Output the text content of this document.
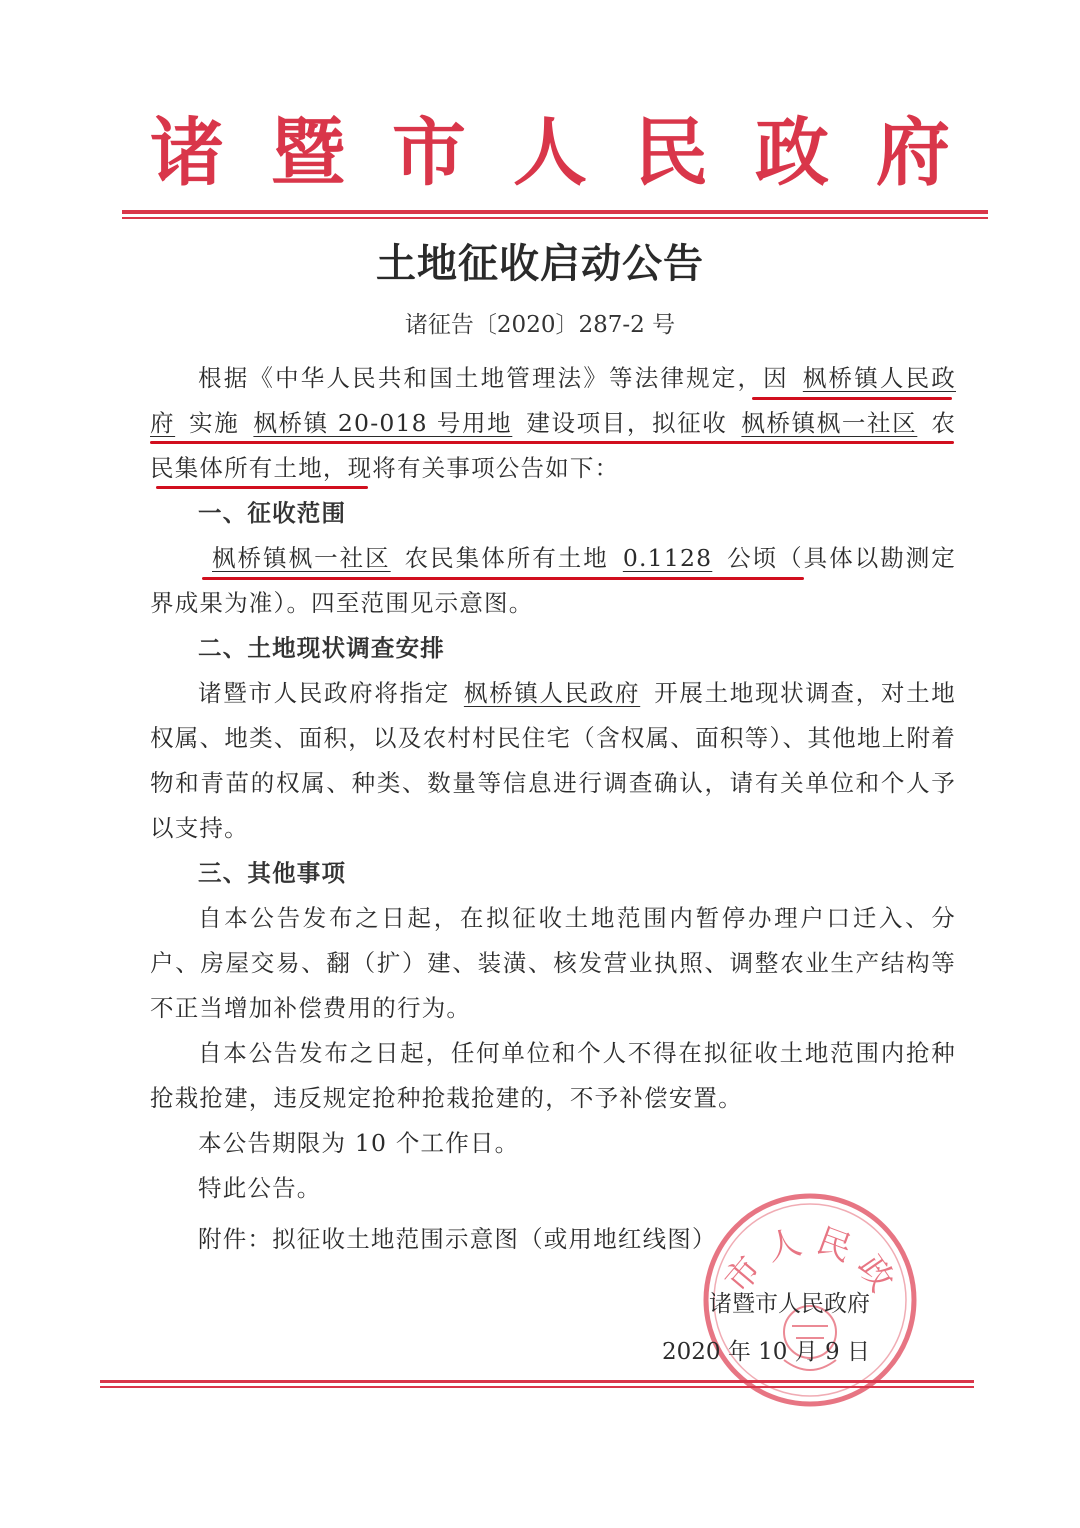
诸 暨 市 人 民 政 府
土地征收启动公告
诸征告〔2020〕287-2 号

根据《中华人民共和国土地管理法》等法律规定，因 枫桥镇人民政府 实施 枫桥镇 20-018 号用地 建设项目，拟征收 枫桥镇枫一社区 农民集体所有土地，现将有关事项公告如下：

一、征收范围

枫桥镇枫一社区 农民集体所有土地 0.1128 公顷（具体以勘测定界成果为准）。四至范围见示意图。

二、土地现状调查安排

诸暨市人民政府将指定 枫桥镇人民政府 开展土地现状调查，对土地权属、地类、面积，以及农村村民住宅（含权属、面积等）、其他地上附着物和青苗的权属、种类、数量等信息进行调查确认，请有关单位和个人予以支持。

三、其他事项

自本公告发布之日起，在拟征收土地范围内暂停办理户口迁入、分户、房屋交易、翻（扩）建、装潢、核发营业执照、调整农业生产结构等不正当增加补偿费用的行为。

自本公告发布之日起，任何单位和个人不得在拟征收土地范围内抢种抢栽抢建，违反规定抢种抢栽抢建的，不予补偿安置。

本公告期限为 10 个工作日。

特此公告。

附件：拟征收土地范围示意图（或用地红线图）

市人民政
诸暨市人民政府
2020 年 10 月 9 日
